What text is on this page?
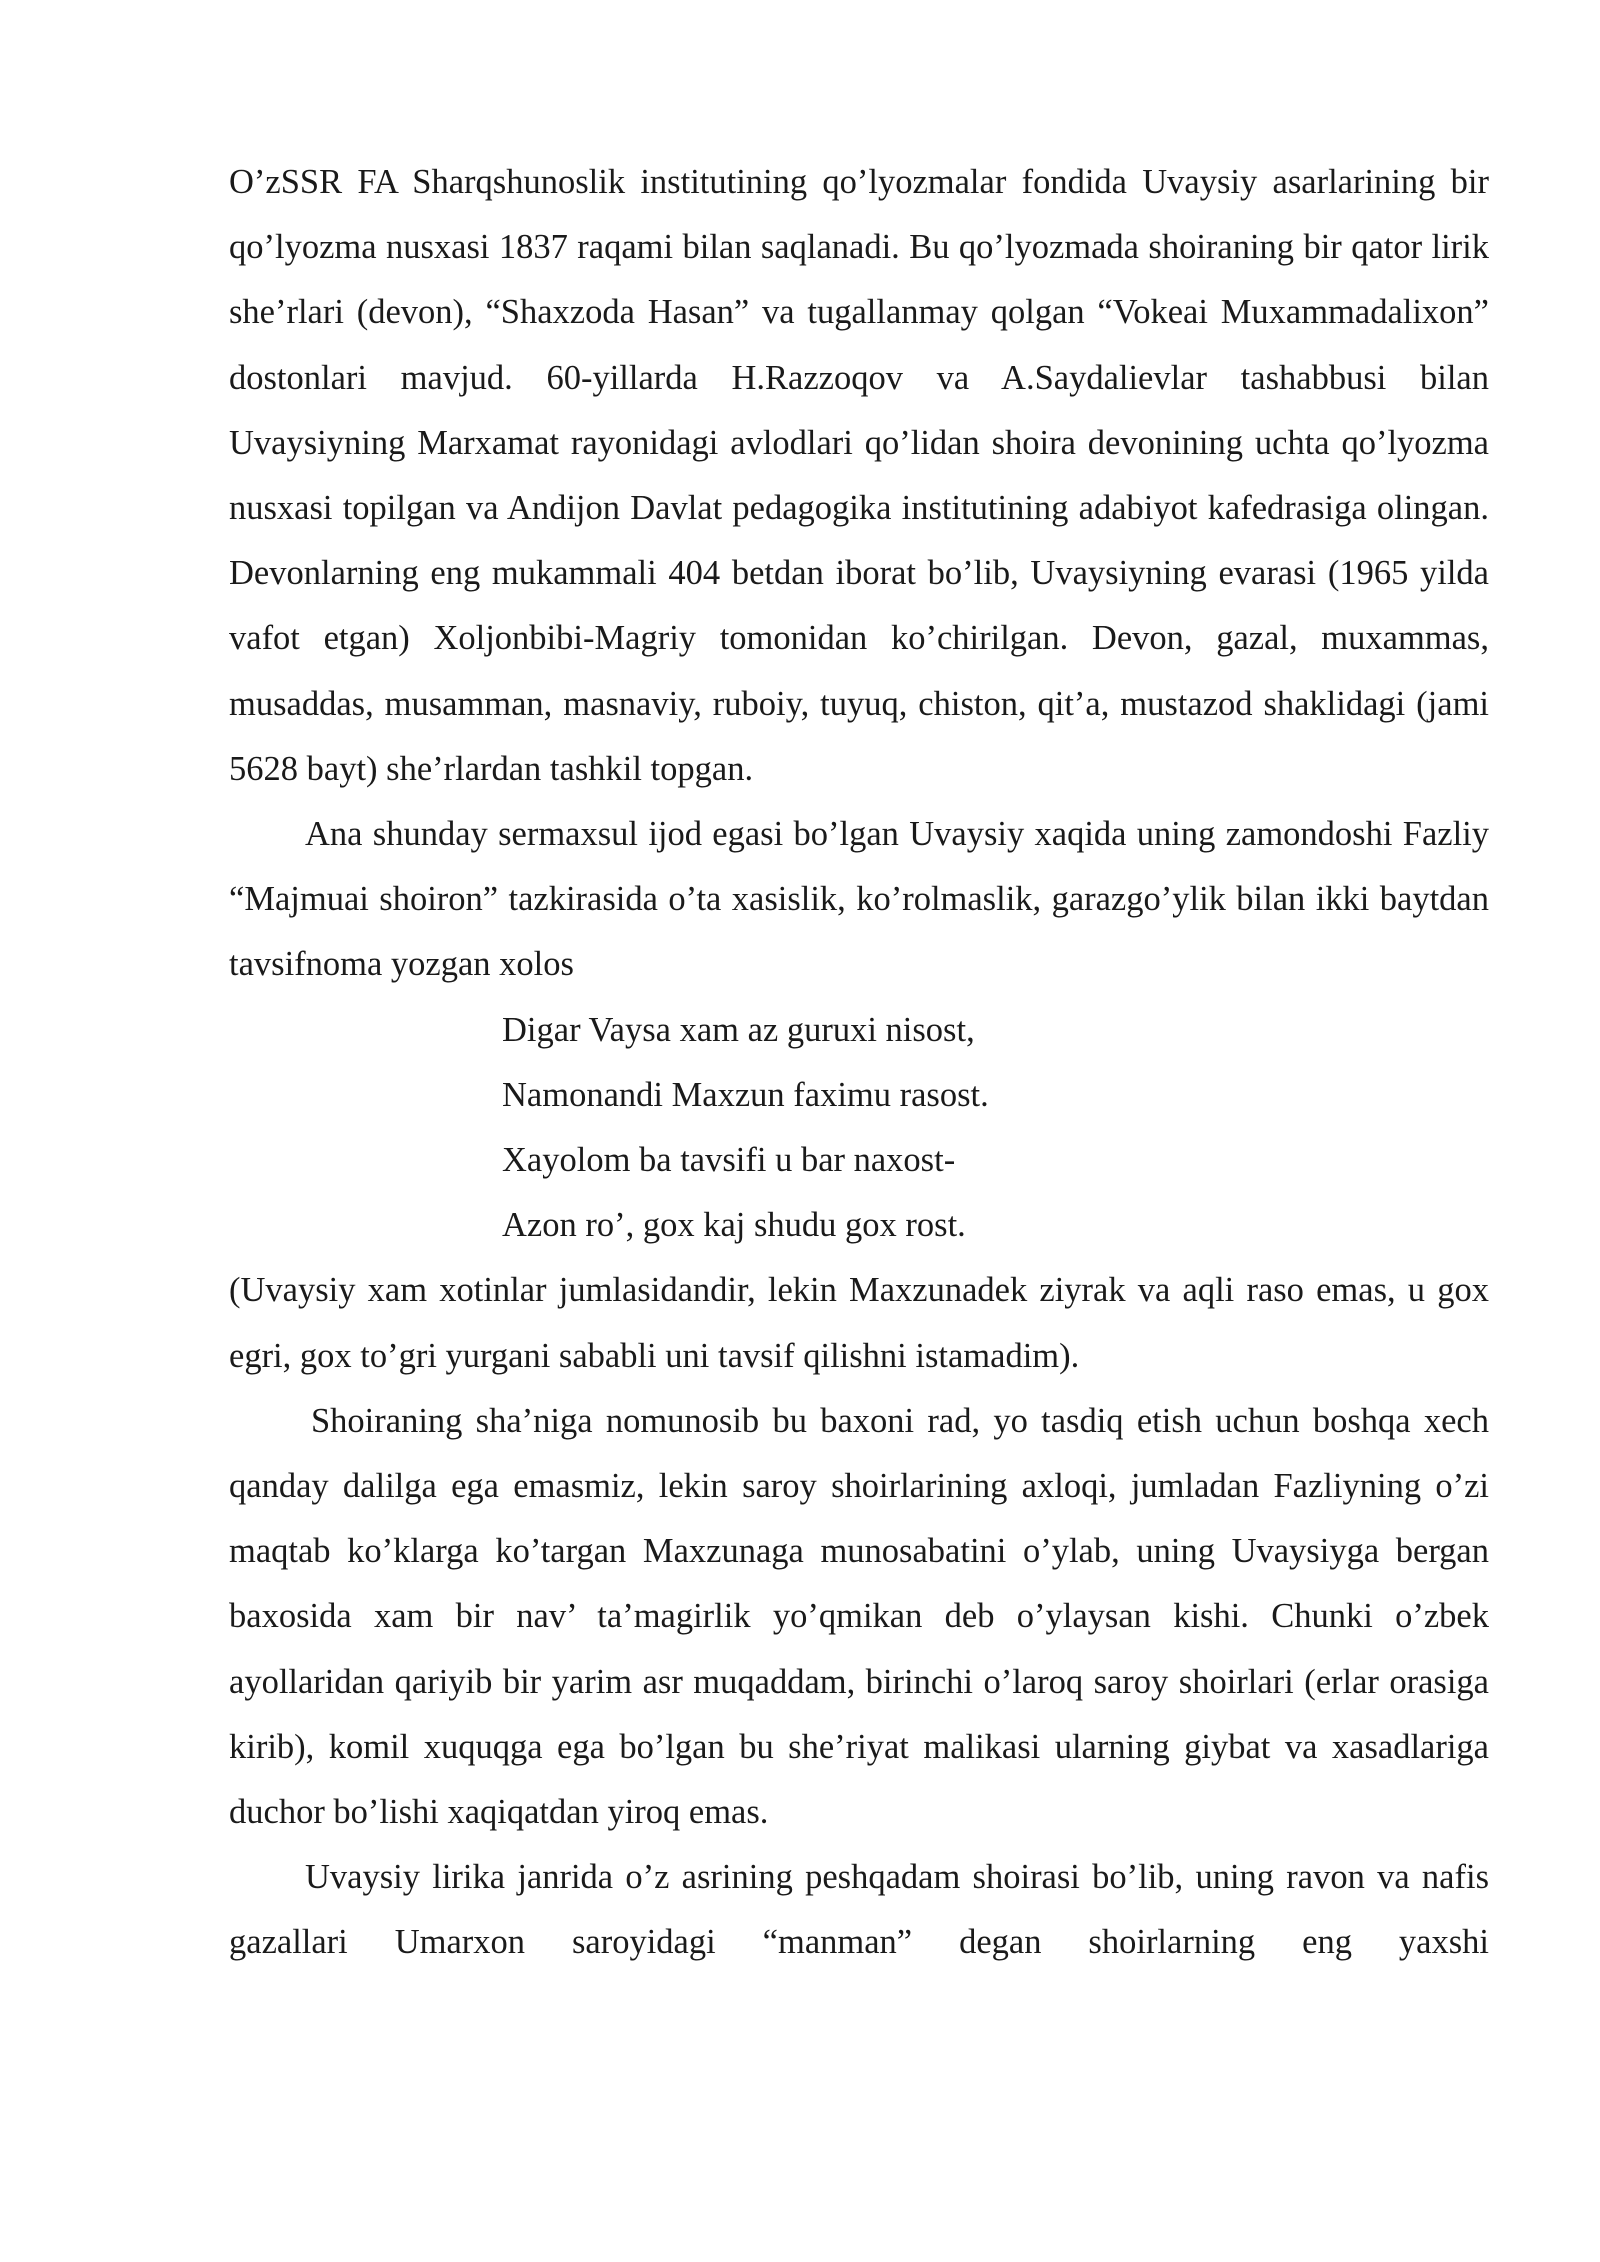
O’zSSR FA Sharqshunoslik institutining qo’lyozmalar fondida Uvaysiy asarlarining bir qo’lyozma nusxasi 1837 raqami bilan saqlanadi. Bu qo’lyozmada shoiraning bir qator lirik she’rlari (devon), “Shaxzoda Hasan” va tugallanmay qolgan “Vokeai Muxammadalixon” dostonlari mavjud. 60-yillarda H.Razzoqov va A.Saydalievlar tashabbusi bilan Uvaysiyning Marxamat rayonidagi avlodlari qo’lidan shoira devonining uchta qo’lyozma nusxasi topilgan va Andijon Davlat pedagogika institutining adabiyot kafedrasiga olingan. Devonlarning eng mukammali 404 betdan iborat bo’lib, Uvaysiyning evarasi (1965 yilda vafot etgan) Xoljonbibi-Magriy tomonidan ko’chirilgan. Devon, gazal, muxammas, musaddas, musamman, masnaviy, ruboiy, tuyuq, chiston, qit’a, mustazod shaklidagi (jami 5628 bayt) she’rlardan tashkil topgan.

Ana shunday sermaxsul ijod egasi bo’lgan Uvaysiy xaqida uning zamondoshi Fazliy “Majmuai shoiron” tazkirasida o’ta xasislik, ko’rolmaslik, garazgo’ylik bilan ikki baytdan tavsifnoma yozgan xolos

Digar Vaysa xam az guruxi nisost,

Namonandi Maxzun faximu rasost.

Xayolom ba tavsifi u bar naxost-

Azon ro’, gox kaj shudu gox rost.

(Uvaysiy xam xotinlar jumlasidandir, lekin Maxzunadek ziyrak va aqli raso emas, u gox egri, gox to’gri yurgani sababli uni tavsif qilishni istamadim).

Shoiraning sha’niga nomunosib bu baxoni rad, yo tasdiq etish uchun boshqa xech qanday dalilga ega emasmiz, lekin saroy shoirlarining axloqi, jumladan Fazliyning o’zi maqtab ko’klarga ko’targan Maxzunaga munosabatini o’ylab, uning Uvaysiyga bergan baxosida xam bir nav’ ta’magirlik yo’qmikan deb o’ylaysan kishi. Chunki o’zbek ayollaridan qariyib bir yarim asr muqaddam, birinchi o’laroq saroy shoirlari (erlar orasiga kirib), komil xuquqga ega bo’lgan bu she’riyat malikasi ularning giybat va xasadlariga duchor bo’lishi xaqiqatdan yiroq emas.

Uvaysiy lirika janrida o’z asrining peshqadam shoirasi bo’lib, uning ravon va nafis gazallari Umarxon saroyidagi “manman” degan shoirlarning eng yaxshi
